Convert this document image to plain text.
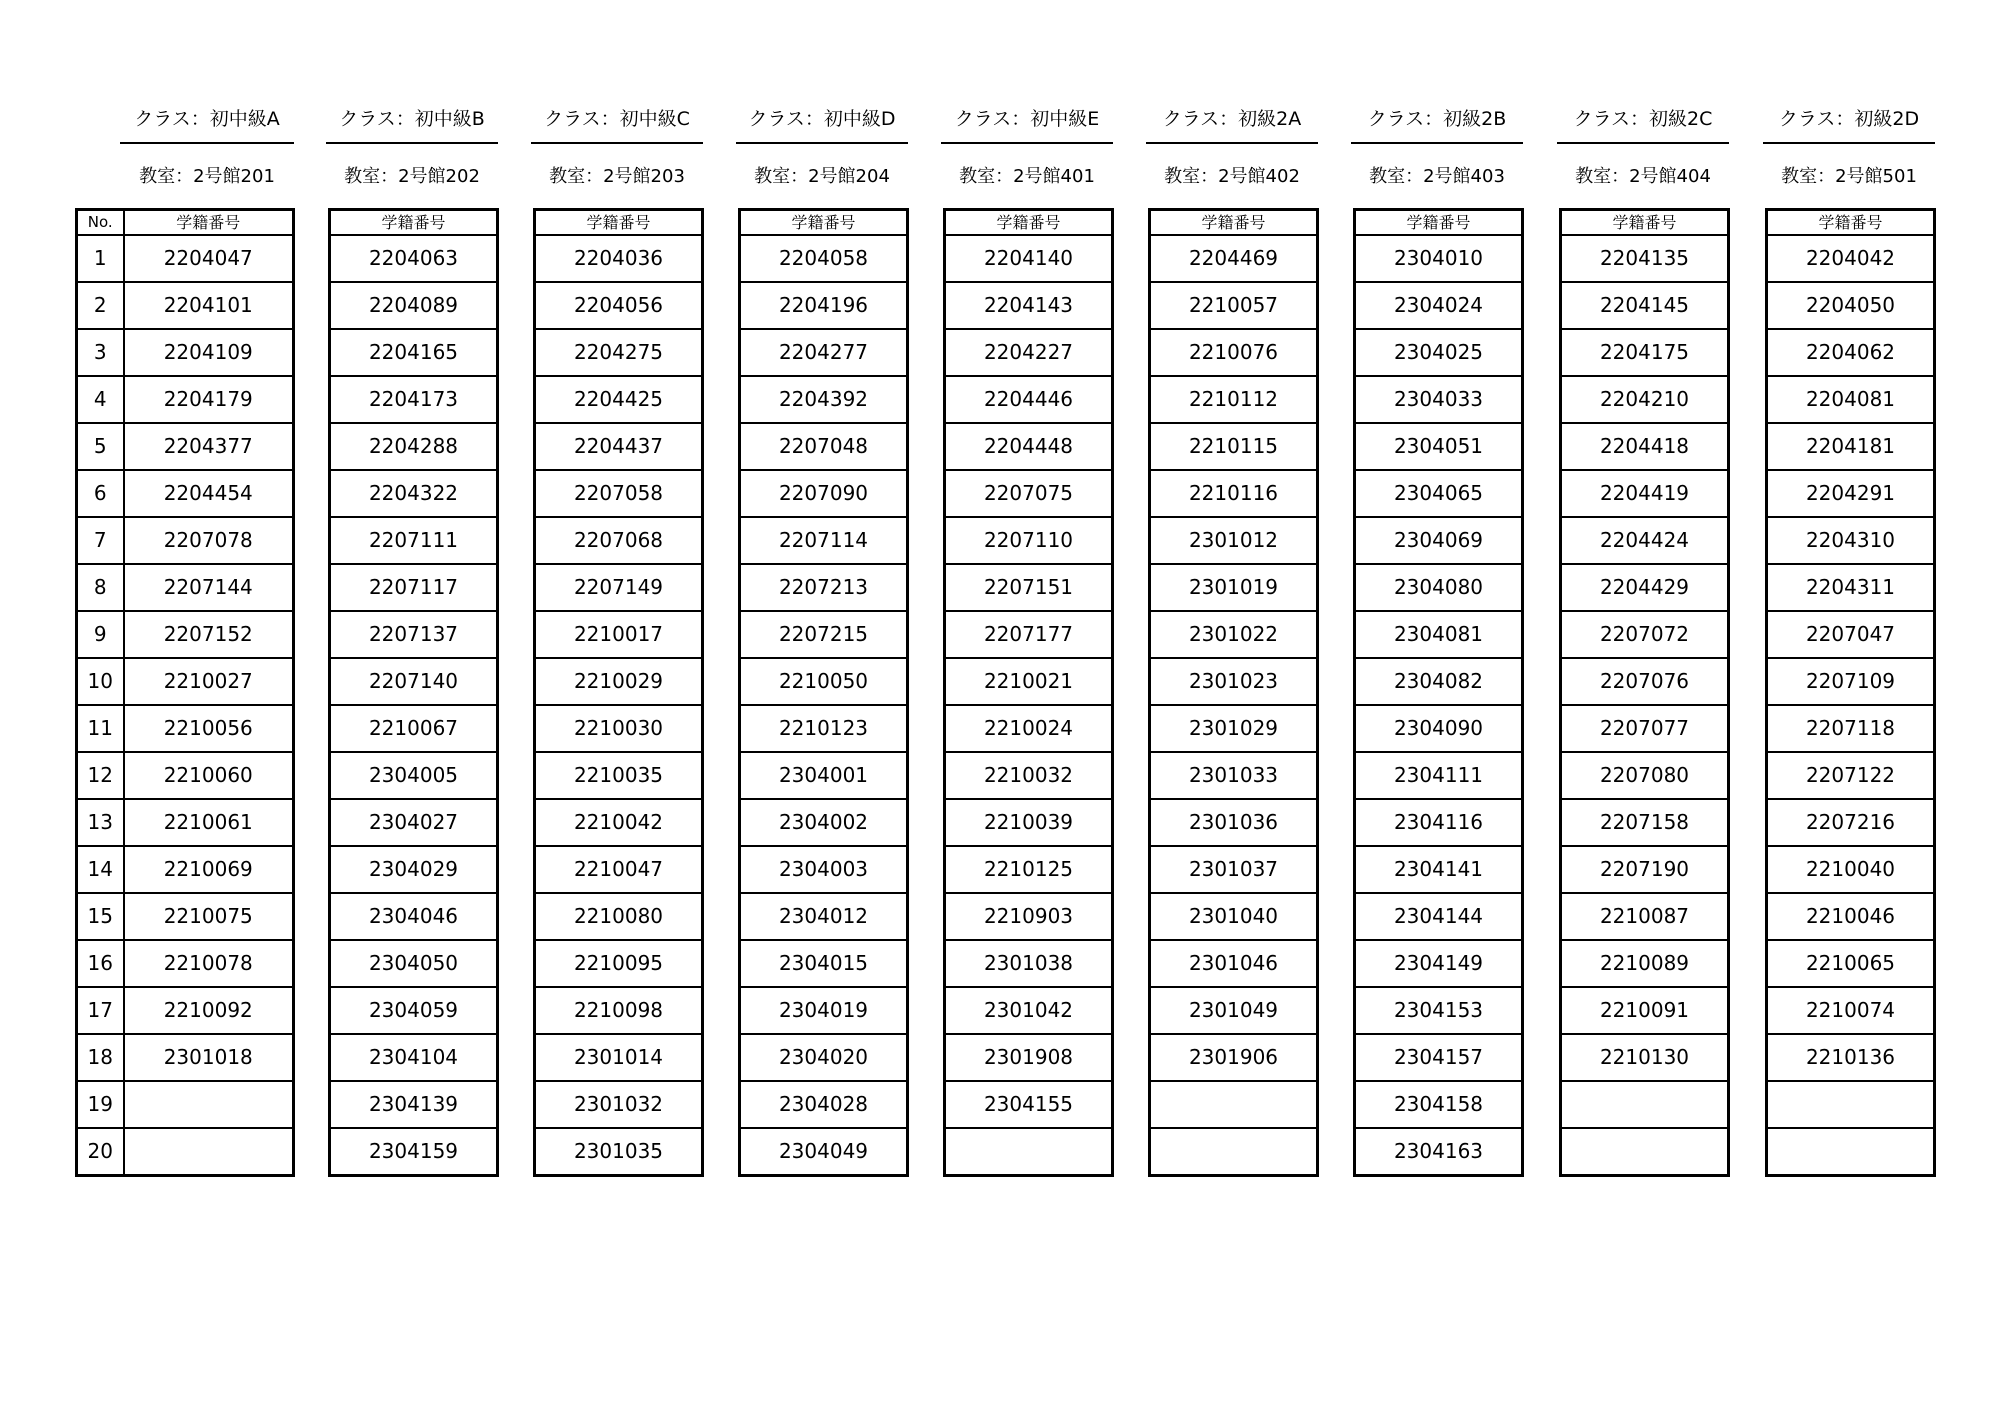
クラス：初中級A
教室：2号館201
No.	学籍番号
1	2204047
2	2204101
3	2204109
4	2204179
5	2204377
6	2204454
7	2207078
8	2207144
9	2207152
10	2210027
11	2210056
12	2210060
13	2210061
14	2210069
15	2210075
16	2210078
17	2210092
18	2301018
19	
20	
クラス：初中級B
教室：2号館202
学籍番号
2204063
2204089
2204165
2204173
2204288
2204322
2207111
2207117
2207137
2207140
2210067
2304005
2304027
2304029
2304046
2304050
2304059
2304104
2304139
2304159
クラス：初中級C
教室：2号館203
学籍番号
2204036
2204056
2204275
2204425
2204437
2207058
2207068
2207149
2210017
2210029
2210030
2210035
2210042
2210047
2210080
2210095
2210098
2301014
2301032
2301035
クラス：初中級D
教室：2号館204
学籍番号
2204058
2204196
2204277
2204392
2207048
2207090
2207114
2207213
2207215
2210050
2210123
2304001
2304002
2304003
2304012
2304015
2304019
2304020
2304028
2304049
クラス：初中級E
教室：2号館401
学籍番号
2204140
2204143
2204227
2204446
2204448
2207075
2207110
2207151
2207177
2210021
2210024
2210032
2210039
2210125
2210903
2301038
2301042
2301908
2304155

クラス：初級2A
教室：2号館402
学籍番号
2204469
2210057
2210076
2210112
2210115
2210116
2301012
2301019
2301022
2301023
2301029
2301033
2301036
2301037
2301040
2301046
2301049
2301906

クラス：初級2B
教室：2号館403
学籍番号
2304010
2304024
2304025
2304033
2304051
2304065
2304069
2304080
2304081
2304082
2304090
2304111
2304116
2304141
2304144
2304149
2304153
2304157
2304158
2304163
クラス：初級2C
教室：2号館404
学籍番号
2204135
2204145
2204175
2204210
2204418
2204419
2204424
2204429
2207072
2207076
2207077
2207080
2207158
2207190
2210087
2210089
2210091
2210130

クラス：初級2D
教室：2号館501
学籍番号
2204042
2204050
2204062
2204081
2204181
2204291
2204310
2204311
2207047
2207109
2207118
2207122
2207216
2210040
2210046
2210065
2210074
2210136
